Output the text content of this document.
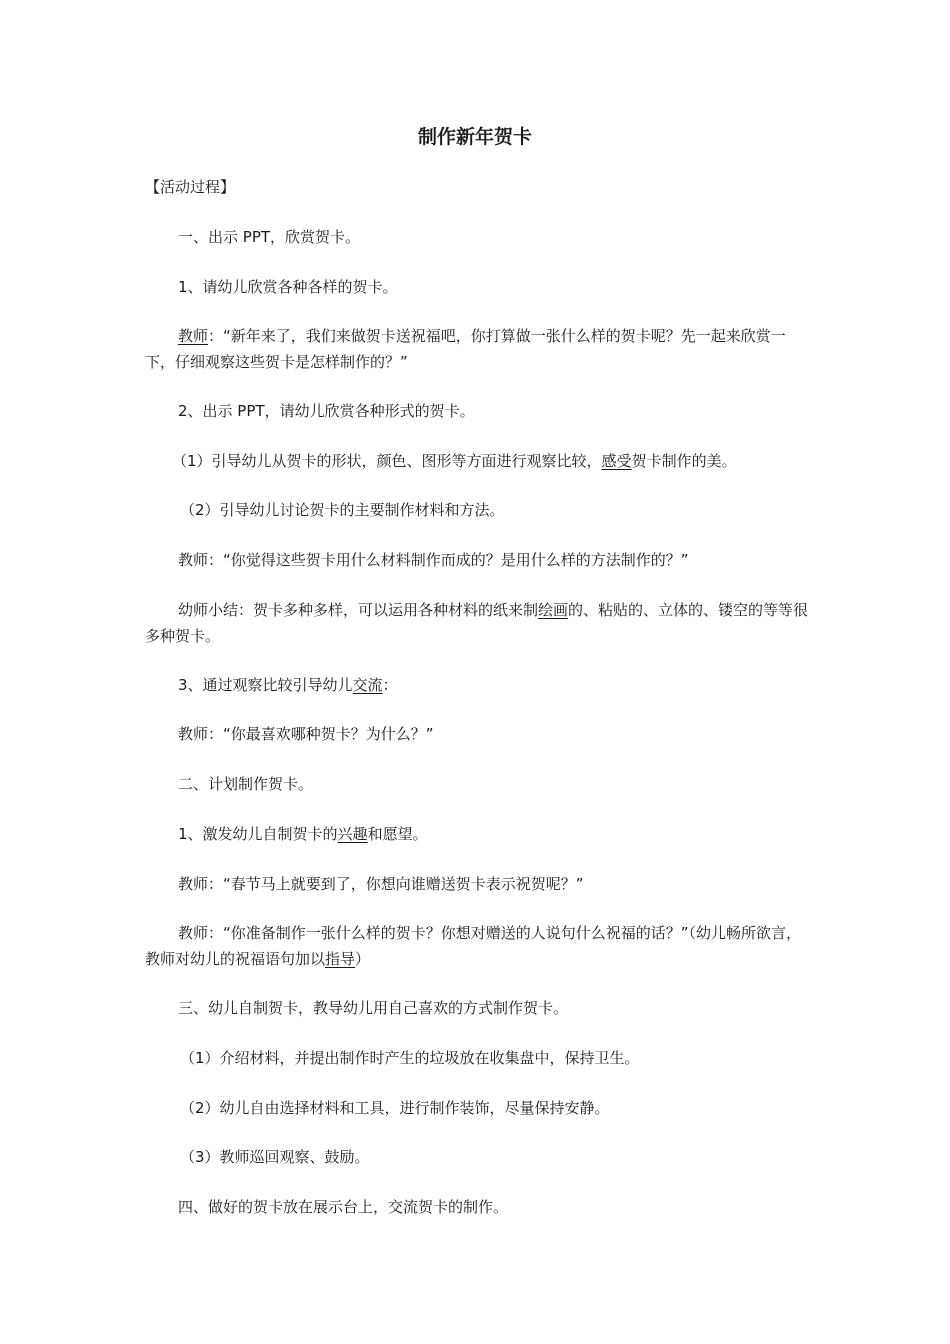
制作新年贺卡

【活动过程】

一、出示 PPT，欣赏贺卡。

1、请幼儿欣赏各种各样的贺卡。

教师：“新年来了，我们来做贺卡送祝福吧，你打算做一张什么样的贺卡呢？先一起来欣赏一下，仔细观察这些贺卡是怎样制作的？”

2、出示 PPT，请幼儿欣赏各种形式的贺卡。

（1）引导幼儿从贺卡的形状，颜色、图形等方面进行观察比较，感受贺卡制作的美。

（2）引导幼儿讨论贺卡的主要制作材料和方法。

教师：“你觉得这些贺卡用什么材料制作而成的？是用什么样的方法制作的？”

幼师小结：贺卡多种多样，可以运用各种材料的纸来制绘画的、粘贴的、立体的、镂空的等等很多种贺卡。

3、通过观察比较引导幼儿交流：

教师：“你最喜欢哪种贺卡？为什么？”

二、计划制作贺卡。

1、激发幼儿自制贺卡的兴趣和愿望。

教师：“春节马上就要到了，你想向谁赠送贺卡表示祝贺呢？”

教师：“你准备制作一张什么样的贺卡？你想对赠送的人说句什么祝福的话？”（幼儿畅所欲言，教师对幼儿的祝福语句加以指导）

三、幼儿自制贺卡，教导幼儿用自己喜欢的方式制作贺卡。

（1）介绍材料，并提出制作时产生的垃圾放在收集盘中，保持卫生。

（2）幼儿自由选择材料和工具，进行制作装饰，尽量保持安静。

（3）教师巡回观察、鼓励。

四、做好的贺卡放在展示台上，交流贺卡的制作。
